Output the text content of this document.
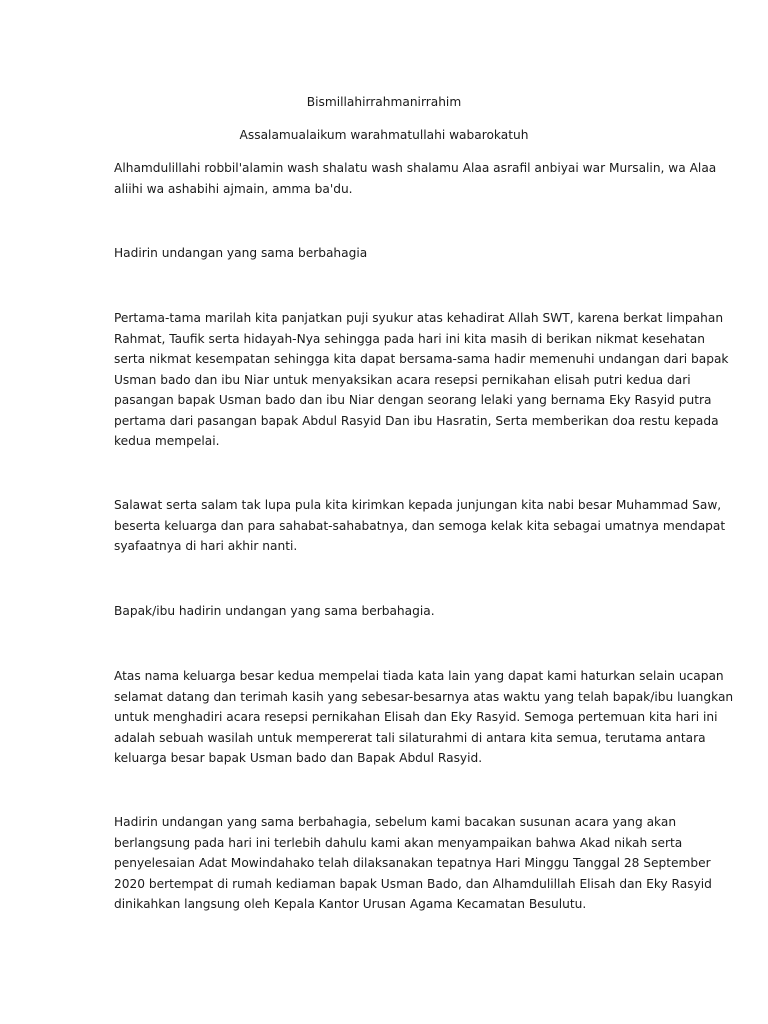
Bismillahirrahmanirrahim
Assalamualaikum warahmatullahi wabarokatuh

Alhamdulillahi robbil'alamin wash shalatu wash shalamu Alaa asrafil anbiyai war Mursalin, wa Alaa
aliihi wa ashabihi ajmain, amma ba'du.

Hadirin undangan yang sama berbahagia

Pertama-tama marilah kita panjatkan puji syukur atas kehadirat Allah SWT, karena berkat limpahan
Rahmat, Taufik serta hidayah-Nya sehingga pada hari ini kita masih di berikan nikmat kesehatan
serta nikmat kesempatan sehingga kita dapat bersama-sama hadir memenuhi undangan dari bapak
Usman bado dan ibu Niar untuk menyaksikan acara resepsi pernikahan elisah putri kedua dari
pasangan bapak Usman bado dan ibu Niar dengan seorang lelaki yang bernama Eky Rasyid putra
pertama dari pasangan bapak Abdul Rasyid Dan ibu Hasratin, Serta memberikan doa restu kepada
kedua mempelai.

Salawat serta salam tak lupa pula kita kirimkan kepada junjungan kita nabi besar Muhammad Saw,
beserta keluarga dan para sahabat-sahabatnya, dan semoga kelak kita sebagai umatnya mendapat
syafaatnya di hari akhir nanti.

Bapak/ibu hadirin undangan yang sama berbahagia.

Atas nama keluarga besar kedua mempelai tiada kata lain yang dapat kami haturkan selain ucapan
selamat datang dan terimah kasih yang sebesar-besarnya atas waktu yang telah bapak/ibu luangkan
untuk menghadiri acara resepsi pernikahan Elisah dan Eky Rasyid. Semoga pertemuan kita hari ini
adalah sebuah wasilah untuk mempererat tali silaturahmi di antara kita semua, terutama antara
keluarga besar bapak Usman bado dan Bapak Abdul Rasyid.

Hadirin undangan yang sama berbahagia, sebelum kami bacakan susunan acara yang akan
berlangsung pada hari ini terlebih dahulu kami akan menyampaikan bahwa Akad nikah serta
penyelesaian Adat Mowindahako telah dilaksanakan tepatnya Hari Minggu Tanggal 28 September
2020 bertempat di rumah kediaman bapak Usman Bado, dan Alhamdulillah Elisah dan Eky Rasyid
dinikahkan langsung oleh Kepala Kantor Urusan Agama Kecamatan Besulutu.
